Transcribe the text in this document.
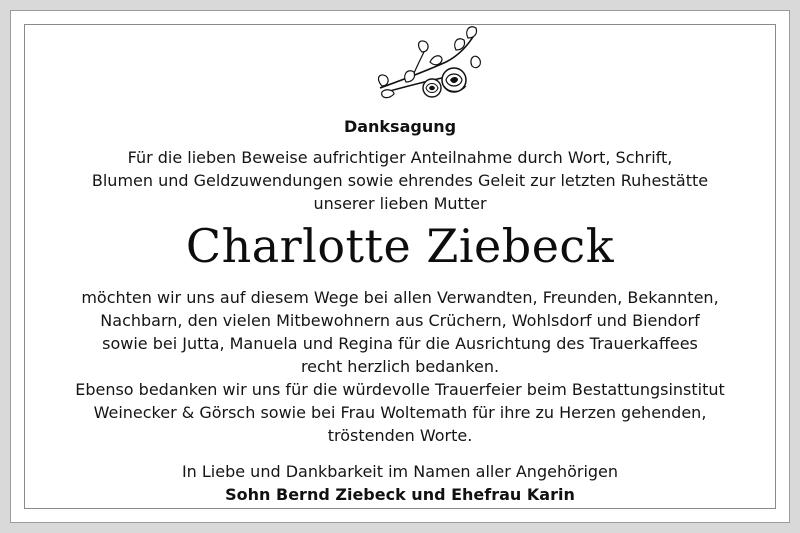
Danksagung

Für die lieben Beweise aufrichtiger Anteilnahme durch Wort, Schrift,

Blumen und Geldzuwendungen sowie ehrendes Geleit zur letzten Ruhestätte

unserer lieben Mutter

Charlotte Ziebeck

möchten wir uns auf diesem Wege bei allen Verwandten, Freunden, Bekannten,

Nachbarn, den vielen Mitbewohnern aus Crüchern, Wohlsdorf und Biendorf

sowie bei Jutta, Manuela und Regina für die Ausrichtung des Trauerkaffees

recht herzlich bedanken.

Ebenso bedanken wir uns für die würdevolle Trauerfeier beim Bestattungsinstitut

Weinecker & Görsch sowie bei Frau Woltemath für ihre zu Herzen gehenden,

tröstenden Worte.

In Liebe und Dankbarkeit im Namen aller Angehörigen

Sohn Bernd Ziebeck und Ehefrau Karin
